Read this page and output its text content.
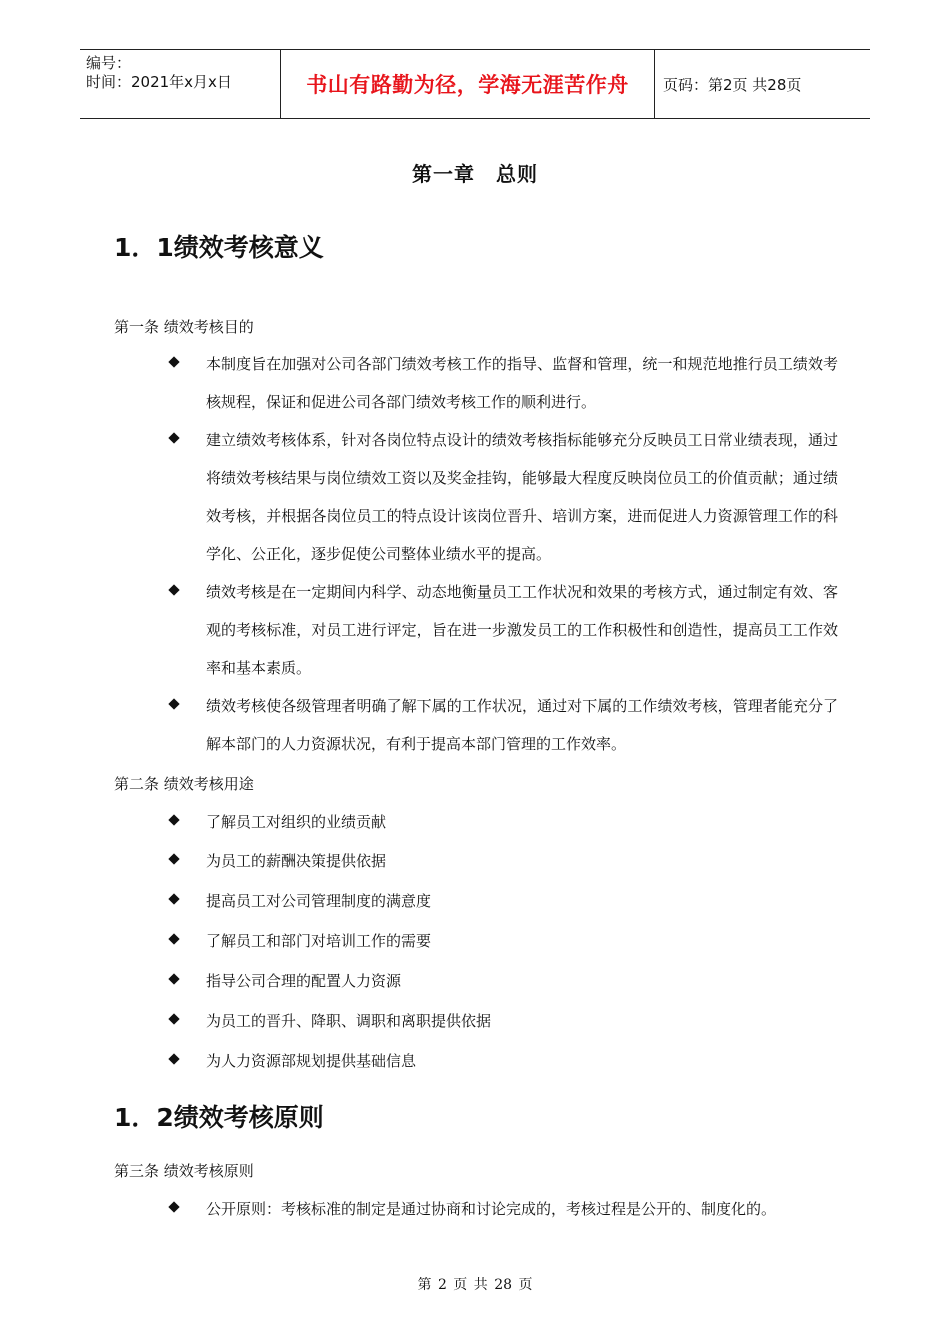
编号：
时间：2021年x月x日	书山有路勤为径，学海无涯苦作舟	页码：第2页 共28页
第一章　总则
1．1绩效考核意义
第一条 绩效考核目的
本制度旨在加强对公司各部门绩效考核工作的指导、监督和管理，统一和规范地推行员工绩效考核规程，保证和促进公司各部门绩效考核工作的顺利进行。
建立绩效考核体系，针对各岗位特点设计的绩效考核指标能够充分反映员工日常业绩表现，通过将绩效考核结果与岗位绩效工资以及奖金挂钩，能够最大程度反映岗位员工的价值贡献；通过绩效考核，并根据各岗位员工的特点设计该岗位晋升、培训方案，进而促进人力资源管理工作的科学化、公正化，逐步促使公司整体业绩水平的提高。
绩效考核是在一定期间内科学、动态地衡量员工工作状况和效果的考核方式，通过制定有效、客观的考核标准，对员工进行评定，旨在进一步激发员工的工作积极性和创造性，提高员工工作效率和基本素质。
绩效考核使各级管理者明确了解下属的工作状况，通过对下属的工作绩效考核，管理者能充分了解本部门的人力资源状况，有利于提高本部门管理的工作效率。
第二条 绩效考核用途
了解员工对组织的业绩贡献
为员工的薪酬决策提供依据
提高员工对公司管理制度的满意度
了解员工和部门对培训工作的需要
指导公司合理的配置人力资源
为员工的晋升、降职、调职和离职提供依据
为人力资源部规划提供基础信息
1．2绩效考核原则
第三条 绩效考核原则
公开原则：考核标准的制定是通过协商和讨论完成的，考核过程是公开的、制度化的。
第 2 页 共 28 页
